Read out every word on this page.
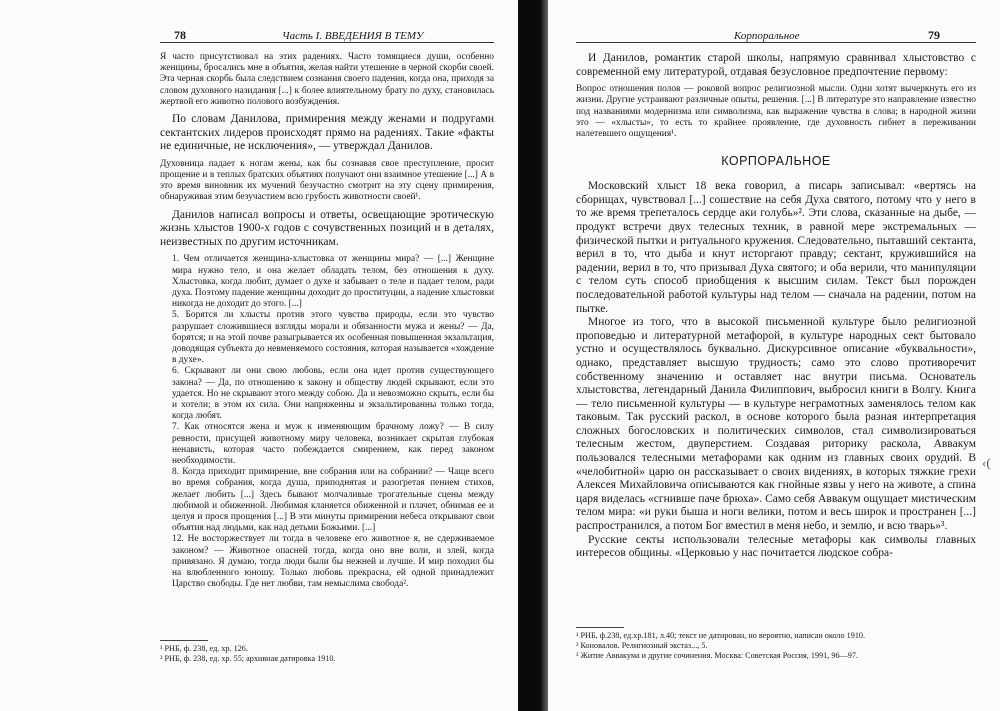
78	Часть I. ВВЕДЕНИЯ В ТЕМУ

Я часто присутствовал на этих радениях. Часто томящиеся души, особенно женщины, бросались мне в объятия, желая найти утешение в черной скорби своей. Эта черная скорбь была следствием сознания своего падения, когда она, приходя за словом духовного назидания [...] к более влиятельному брату по духу, становилась жертвой его животно полового возбуждения.

По словам Данилова, примирения между женами и подругами сектантских лидеров происходят прямо на радениях. Такие «факты не единичные, не исключения», — утверждал Данилов.

Духовница падает к ногам жены, как бы сознавая свое преступление, просит прощение и в теплых братских объятиях получают они взаимное утешение [...] А в это время виновник их мучений безучастно смотрит на эту сцену примирения, обнаруживая этим безучастием всю грубость животности своей¹.

Данилов написал вопросы и ответы, освещающие эротическую жизнь хлыстов 1900-х годов с сочувственных позиций и в деталях, неизвестных по другим источникам.

1. Чем отличается женщина-хлыстовка от женщины мира? — [...] Женщине мира нужно тело, и она желает обладать телом, без отношения к духу. Хлыстовка, когда любит, думает о духе и забывает о теле и падает телом, ради духа. Поэтому падение женщины доходит до проституции, а падение хлыстовки никогда не доходит до этого. [...]

5. Борятся ли хлысты против этого чувства природы, если это чувство разрушает сложившиеся взгляды морали и обязанности мужа и жены? — Да, борятся; и на этой почве разыгрывается их особенная повышенная экзальтация, доводящая субъекта до невменяемого состояния, которая называется «хождение в духе».

6. Скрывают ли они свою любовь, если она идет против существующего закона? — Да, по отношению к закону и обществу людей скрывают, если это удается. Но не скрывают этого между собою. Да и невозможно скрыть, если бы и хотели; в этом их сила. Они напряженны и экзальтированны только тогда, когда любят.

7. Как относятся жена и муж к изменяющим брачному ложу? — В силу ревности, присущей животному миру человека, возникает скрытая глубокая ненависть, которая часто побеждается смирением, как перед законом необходимости.

8. Когда приходит примирение, вне собрания или на собрании? — Чаще всего во время собрания, когда душа, приподнятая и разогретая пением стихов, желает любить [...] Здесь бывают молчаливые трогательные сцены между любимой и обиженной. Любимая кланяется обиженной и плачет, обнимая ее и целуя и прося прощения [...] В эти минуты примирения небеса открывают свои объятия над людьми, как над детьми Божьими. [...]

12. Не восторжествует ли тогда в человеке его животное я, не сдерживаемое законом? — Животное опасней тогда, когда оно вне воли, и злей, когда привязано. Я думаю, тогда люди были бы нежней и лучше. И мир походил бы на влюбленного юношу. Только любовь прекрасна, ей одной принадлежит Царство свободы. Где нет любви, там немыслима свобода².

¹ РНБ, ф. 238, ед. хр. 126.
² РНБ, ф. 238, ед. хр. 55; архивная датировка 1910.
Корпоральное	79

И Данилов, романтик старой школы, напрямую сравнивал хлыстовство с современной ему литературой, отдавая безусловное предпочтение первому:

Вопрос отношения полов — роковой вопрос религиозной мысли. Одни хотят вычеркнуть его из жизни. Другие устраивают различные опыты, решения. [...] В литературе это направление известно под названиями модернизма или символизма, как выражение чувства в слова; в народной жизни это — «хлысты», то есть то крайнее проявление, где духовность гибнет в переживании налетевшего ощущения¹.

КОРПОРАЛЬНОЕ

Московский хлыст 18 века говорил, а писарь записывал: «вертясь на сборищах, чувствовал [...] сошествие на себя Духа святого, потому что у него в то же время трепеталось сердце аки голубь»². Эти слова, сказанные на дыбе, — продукт встречи двух телесных техник, в равной мере экстремальных — физической пытки и ритуального кружения. Следовательно, пытавший сектанта, верил в то, что дыба и кнут исторгают правду; сектант, кружившийся на радении, верил в то, что призывал Духа святого; и оба верили, что манипуляции с телом суть способ приобщения к высшим силам. Текст был порожден последовательной работой культуры над телом — сначала на радении, потом на пытке.

Многое из того, что в высокой письменной культуре было религиозной проповедью и литературной метафорой, в культуре народных сект бытовало устно и осуществлялось буквально. Дискурсивное описание «буквальности», однако, представляет высшую трудность; само это слово противоречит собственному значению и оставляет нас внутри письма. Основатель хлыстовства, легендарный Данила Филиппович, выбросил книги в Волгу. Книга — тело письменной культуры — в культуре неграмотных заменялось телом как таковым. Так русский раскол, в основе которого была разная интерпретация сложных богословских и политических символов, стал символизироваться телесным жестом, двуперстием. Создавая риторику раскола, Аввакум пользовался телесными метафорами как одним из главных своих орудий. В «челобитной» царю он рассказывает о своих видениях, в которых тяжкие грехи Алексея Михайловича описываются как гнойные язвы у него на животе, а спина царя виделась «сгнивше паче брюха». Само себя Аввакум ощущает мистическим телом мира: «и руки быша и ноги велики, потом и весь широк и пространен [...] распространился, а потом Бог вместил в меня небо, и землю, и всю тварь»³.

Русские секты использовали телесные метафоры как символы главных интересов общины. «Церковью у нас почитается людское собра-

¹ РНБ, ф.238, ед.хр.181, л.40; текст не датирован, но вероятно, написан около 1910.
² Коновалов. Религиозный экстаз..., 5.
³ Житие Аввакума и другие сочинения. Москва: Советская Россия, 1991, 96—97.
‹(
